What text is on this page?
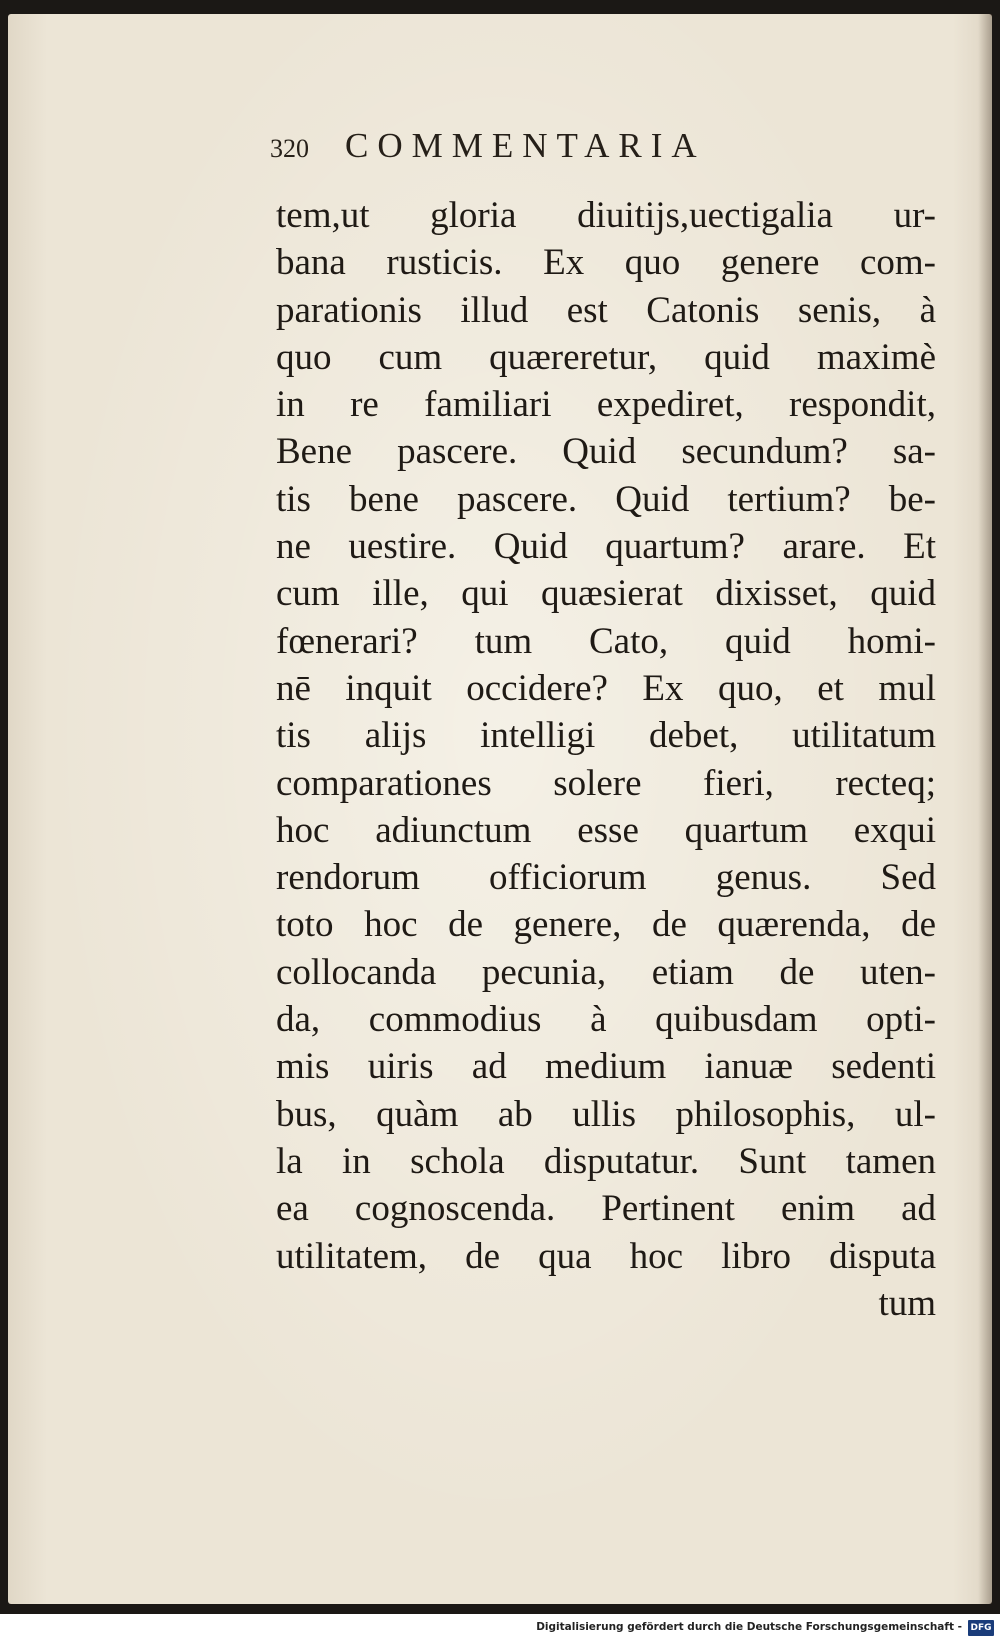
320 COMMENTARIA
tem,ut gloria diuitijs,uectigalia ur-
bana rusticis. Ex quo genere com-
parationis illud est Catonis senis, à
quo cum quæreretur, quid maximè
in re familiari expediret, respondit,
Bene pascere. Quid secundum? sa-
tis bene pascere. Quid tertium? be-
ne uestire. Quid quartum? arare. Et
cum ille, qui quæsierat dixisset, quid
fœnerari? tum Cato, quid homi-
nē inquit occidere? Ex quo, et mul
tis alijs intelligi debet, utilitatum
comparationes solere fieri, recteq;
hoc adiunctum esse quartum exqui
rendorum officiorum genus. Sed
toto hoc de genere, de quærenda, de
collocanda pecunia, etiam de uten-
da, commodius à quibusdam opti-
mis uiris ad medium ianuæ sedenti
bus, quàm ab ullis philosophis, ul-
la in schola disputatur. Sunt tamen
ea cognoscenda. Pertinent enim ad
utilitatem, de qua hoc libro disputa
tum
Digitalisierung gefördert durch die Deutsche Forschungsgemeinschaft - DFG
